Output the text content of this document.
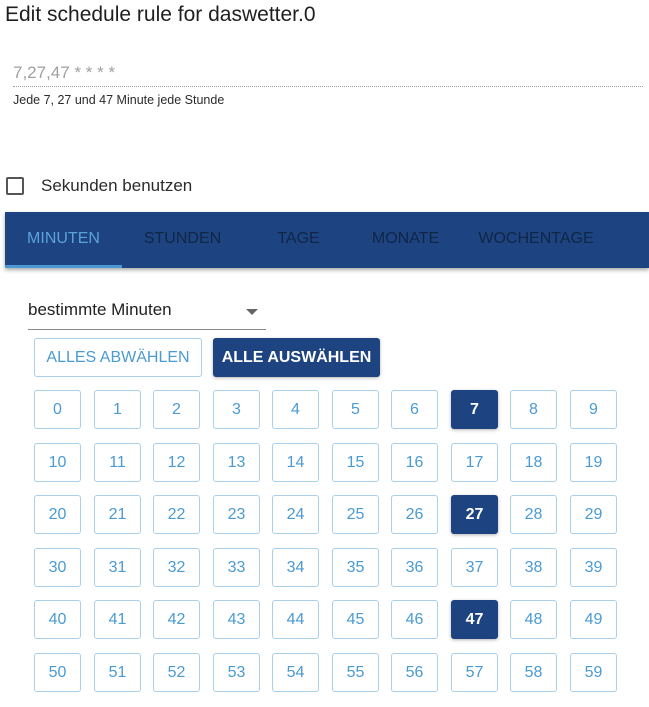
Edit schedule rule for daswetter.0
7,27,47 * * * *
Jede 7, 27 und 47 Minute jede Stunde
Sekunden benutzen
MINUTEN	STUNDEN	TAGE	MONATE	WOCHENTAGE
bestimmte Minuten
ALLES ABWÄHLEN	ALLE AUSWÄHLEN
0	1	2	3	4	5	6	7	8	9
10	11	12	13	14	15	16	17	18	19
20	21	22	23	24	25	26	27	28	29
30	31	32	33	34	35	36	37	38	39
40	41	42	43	44	45	46	47	48	49
50	51	52	53	54	55	56	57	58	59
